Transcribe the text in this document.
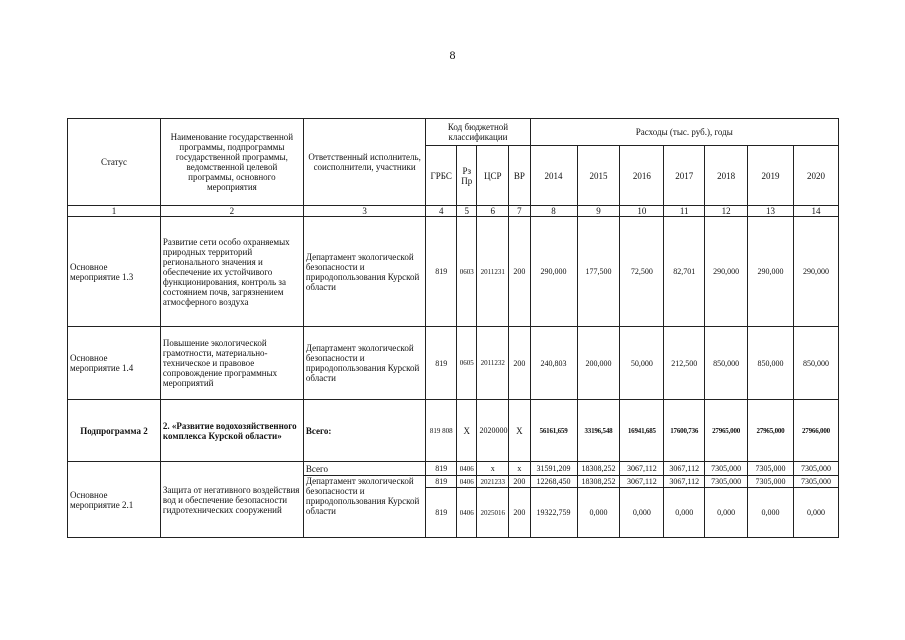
8
Статус	Наименование государственной программы, подпрограммы государственной программы, ведомственной целевой программы, основного мероприятия	Ответственный исполнитель, соисполнители, участники	Код бюджетной классификации				Расходы (тыс. руб.), годы						
			ГРБС	Рз Пр	ЦСР	ВР	2014	2015	2016	2017	2018	2019	2020
1	2	3	4	5	6	7	8	9	10	11	12	13	14
Основное мероприятие 1.3	Развитие сети особо охраняемых природных территорий регионального значения и обеспечение их устойчивого функционирования, контроль за состоянием почв, загрязнением атмосферного воздуха	Департамент экологической безопасности и природопользования Курской области	819	0603	2011231	200	290,000	177,500	72,500	82,701	290,000	290,000	290,000
Основное мероприятие 1.4	Повышение экологической грамотности, материально-техническое и правовое сопровождение программных мероприятий	Департамент экологической безопасности и природопользования Курской области	819	0605	2011232	200	240,803	200,000	50,000	212,500	850,000	850,000	850,000
Подпрограмма 2	2. «Развитие водохозяйственного комплекса Курской области»	Всего:	819 808	Х	2020000	Х	56161,659	33196,548	16941,685	17600,736	27965,000	27965,000	27966,000
Основное мероприятие 2.1	Защита от негативного воздействия вод и обеспечение безопасности гидротехнических сооружений	Всего	819	0406	х	х	31591,209	18308,252	3067,112	3067,112	7305,000	7305,000	7305,000
		Департамент экологической безопасности и природопользования Курской области	819	0406	2021233	200	12268,450	18308,252	3067,112	3067,112	7305,000	7305,000	7305,000
			819	0406	2025016	200	19322,759	0,000	0,000	0,000	0,000	0,000	0,000
